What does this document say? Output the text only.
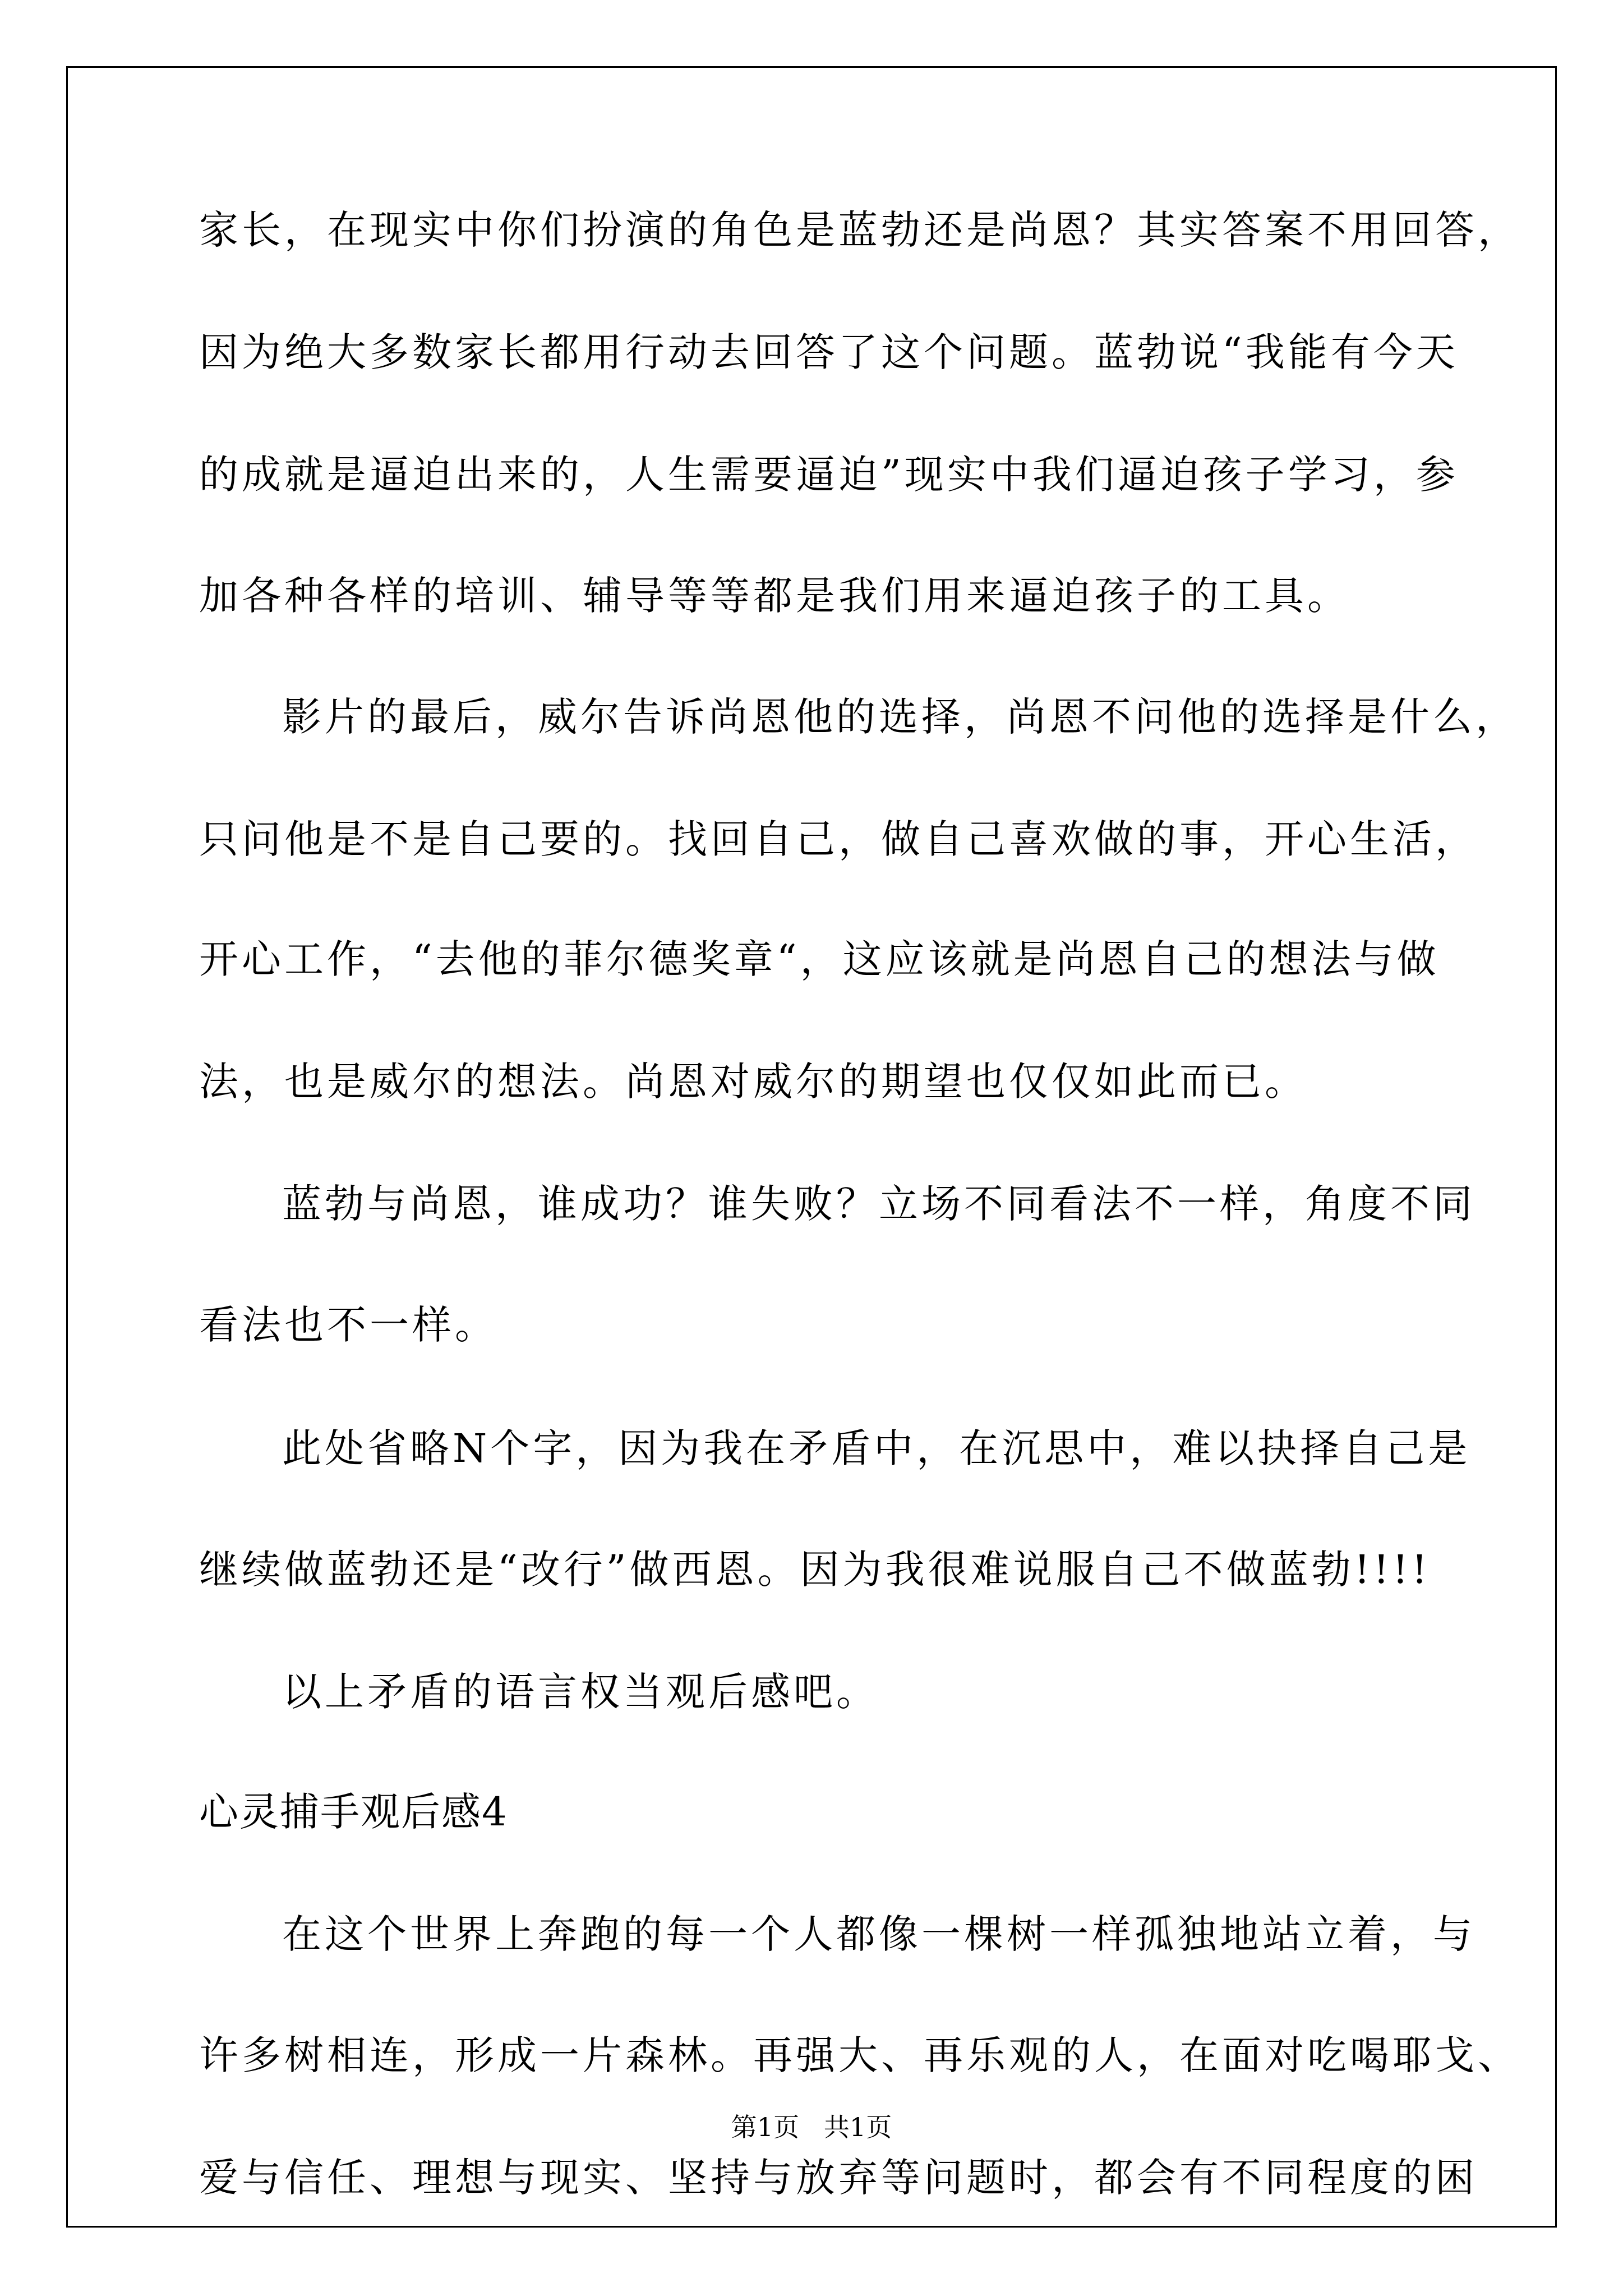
家长，在现实中你们扮演的角色是蓝勃还是尚恩？其实答案不用回答，
因为绝大多数家长都用行动去回答了这个问题。蓝勃说“我能有今天
的成就是逼迫出来的，人生需要逼迫”现实中我们逼迫孩子学习，参
加各种各样的培训、辅导等等都是我们用来逼迫孩子的工具。
影片的最后，威尔告诉尚恩他的选择，尚恩不问他的选择是什么，
只问他是不是自己要的。找回自己，做自己喜欢做的事，开心生活，
开心工作，“去他的菲尔德奖章“，这应该就是尚恩自己的想法与做
法，也是威尔的想法。尚恩对威尔的期望也仅仅如此而已。
蓝勃与尚恩，谁成功？谁失败？立场不同看法不一样，角度不同
看法也不一样。
此处省略N个字，因为我在矛盾中，在沉思中，难以抉择自己是
继续做蓝勃还是“改行”做西恩。因为我很难说服自己不做蓝勃!!!!
以上矛盾的语言权当观后感吧。
心灵捕手观后感4
在这个世界上奔跑的每一个人都像一棵树一样孤独地站立着，与
许多树相连，形成一片森林。再强大、再乐观的人，在面对吃喝耶戈、
爱与信任、理想与现实、坚持与放弃等问题时，都会有不同程度的困
第1页   共1页
